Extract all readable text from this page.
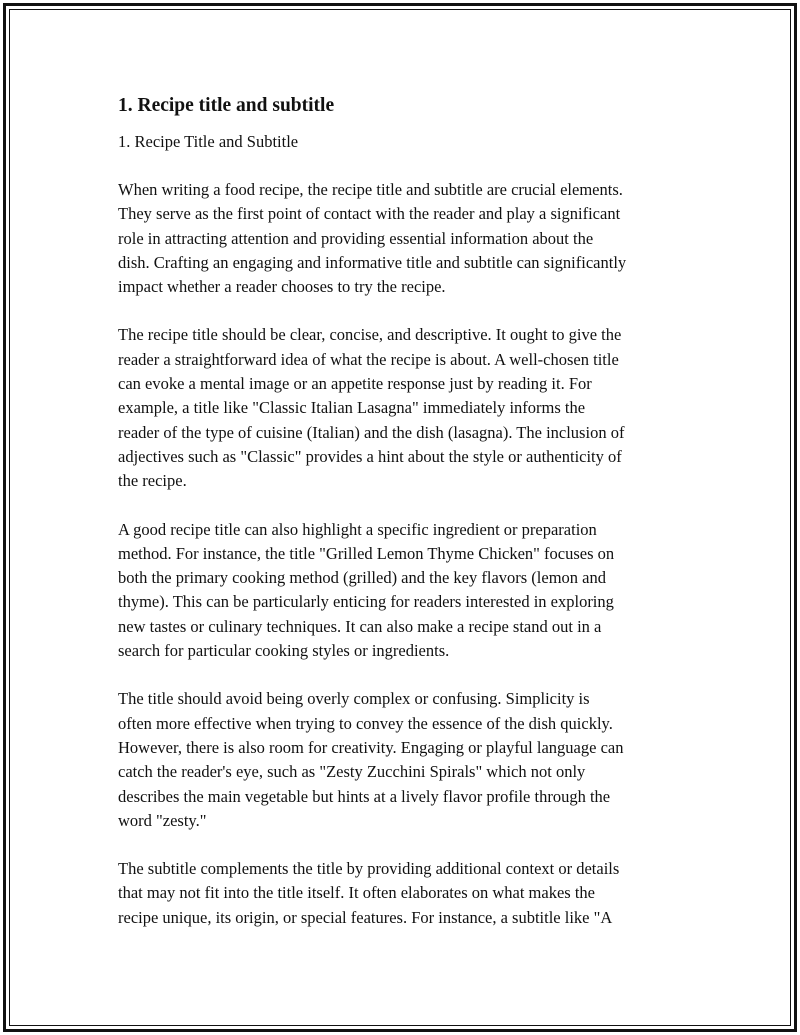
1. Recipe title and subtitle
1. Recipe Title and Subtitle

When writing a food recipe, the recipe title and subtitle are crucial elements.
They serve as the first point of contact with the reader and play a significant
role in attracting attention and providing essential information about the
dish. Crafting an engaging and informative title and subtitle can significantly
impact whether a reader chooses to try the recipe.

The recipe title should be clear, concise, and descriptive. It ought to give the
reader a straightforward idea of what the recipe is about. A well-chosen title
can evoke a mental image or an appetite response just by reading it. For
example, a title like "Classic Italian Lasagna" immediately informs the
reader of the type of cuisine (Italian) and the dish (lasagna). The inclusion of
adjectives such as "Classic" provides a hint about the style or authenticity of
the recipe.

A good recipe title can also highlight a specific ingredient or preparation
method. For instance, the title "Grilled Lemon Thyme Chicken" focuses on
both the primary cooking method (grilled) and the key flavors (lemon and
thyme). This can be particularly enticing for readers interested in exploring
new tastes or culinary techniques. It can also make a recipe stand out in a
search for particular cooking styles or ingredients.

The title should avoid being overly complex or confusing. Simplicity is
often more effective when trying to convey the essence of the dish quickly.
However, there is also room for creativity. Engaging or playful language can
catch the reader's eye, such as "Zesty Zucchini Spirals" which not only
describes the main vegetable but hints at a lively flavor profile through the
word "zesty."

The subtitle complements the title by providing additional context or details
that may not fit into the title itself. It often elaborates on what makes the
recipe unique, its origin, or special features. For instance, a subtitle like "A
